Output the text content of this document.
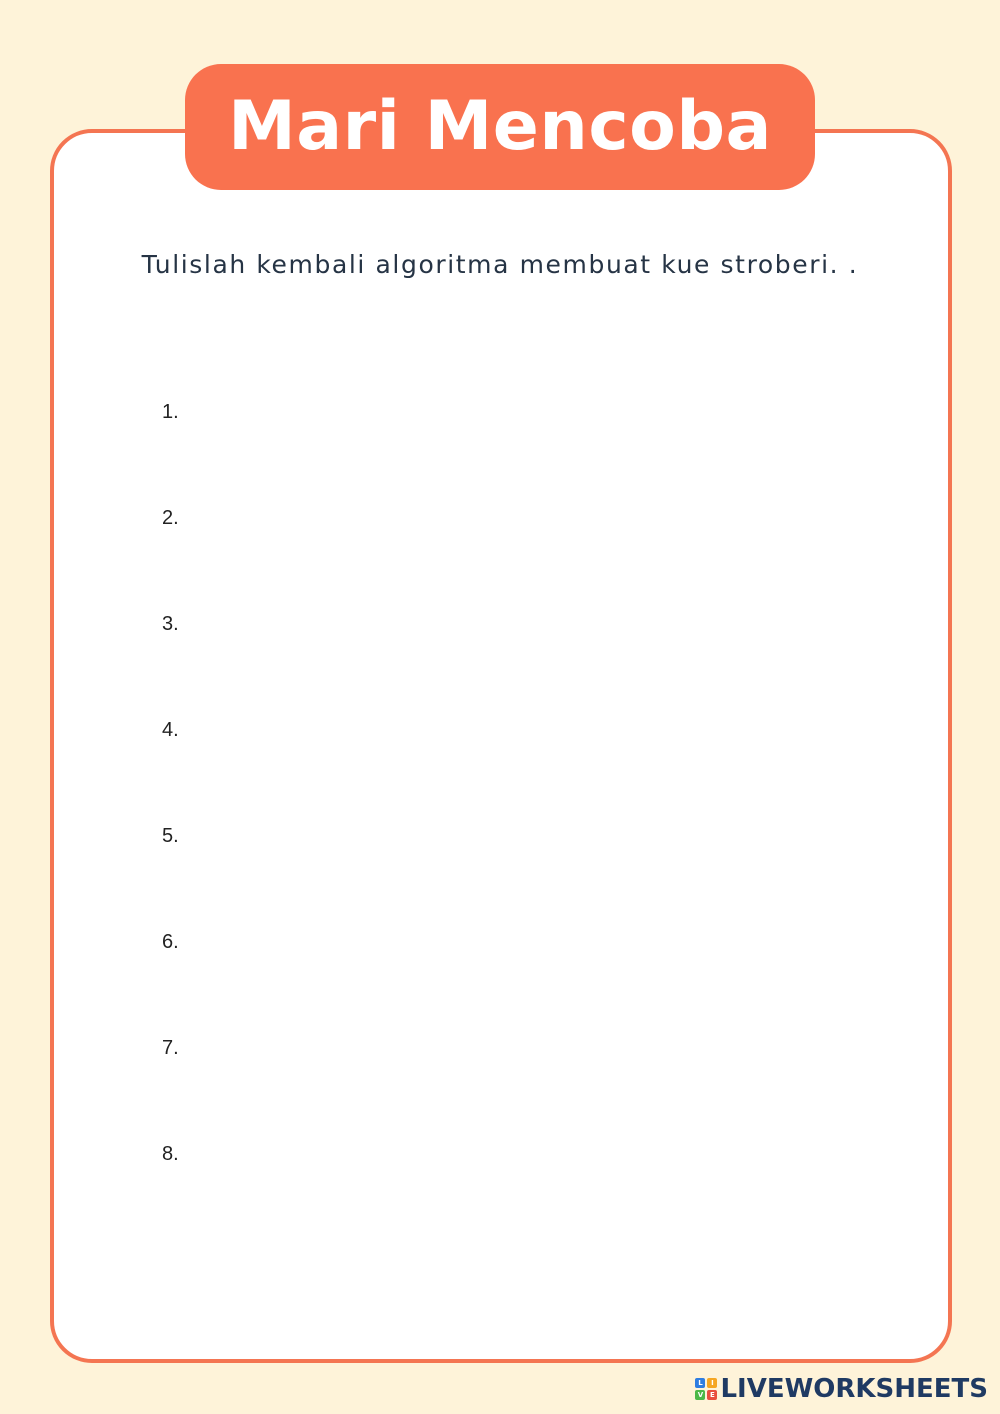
Mari Mencoba
Tulislah kembali algoritma membuat kue stroberi. .
1.
2.
3.
4.
5.
6.
7.
8.
L	I
V E LIVEWORKSHEETS
